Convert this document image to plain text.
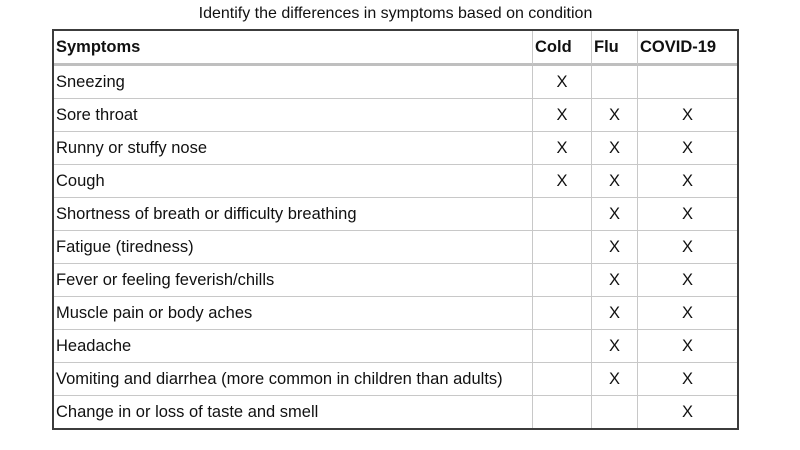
Identify the differences in symptoms based on condition
Symptoms	Cold	Flu	COVID-19
Sneezing	X		
Sore throat	X	X	X
Runny or stuffy nose	X	X	X
Cough	X	X	X
Shortness of breath or difficulty breathing		X	X
Fatigue (tiredness)		X	X
Fever or feeling feverish/chills		X	X
Muscle pain or body aches		X	X
Headache		X	X
Vomiting and diarrhea (more common in children than adults)		X	X
Change in or loss of taste and smell			X
